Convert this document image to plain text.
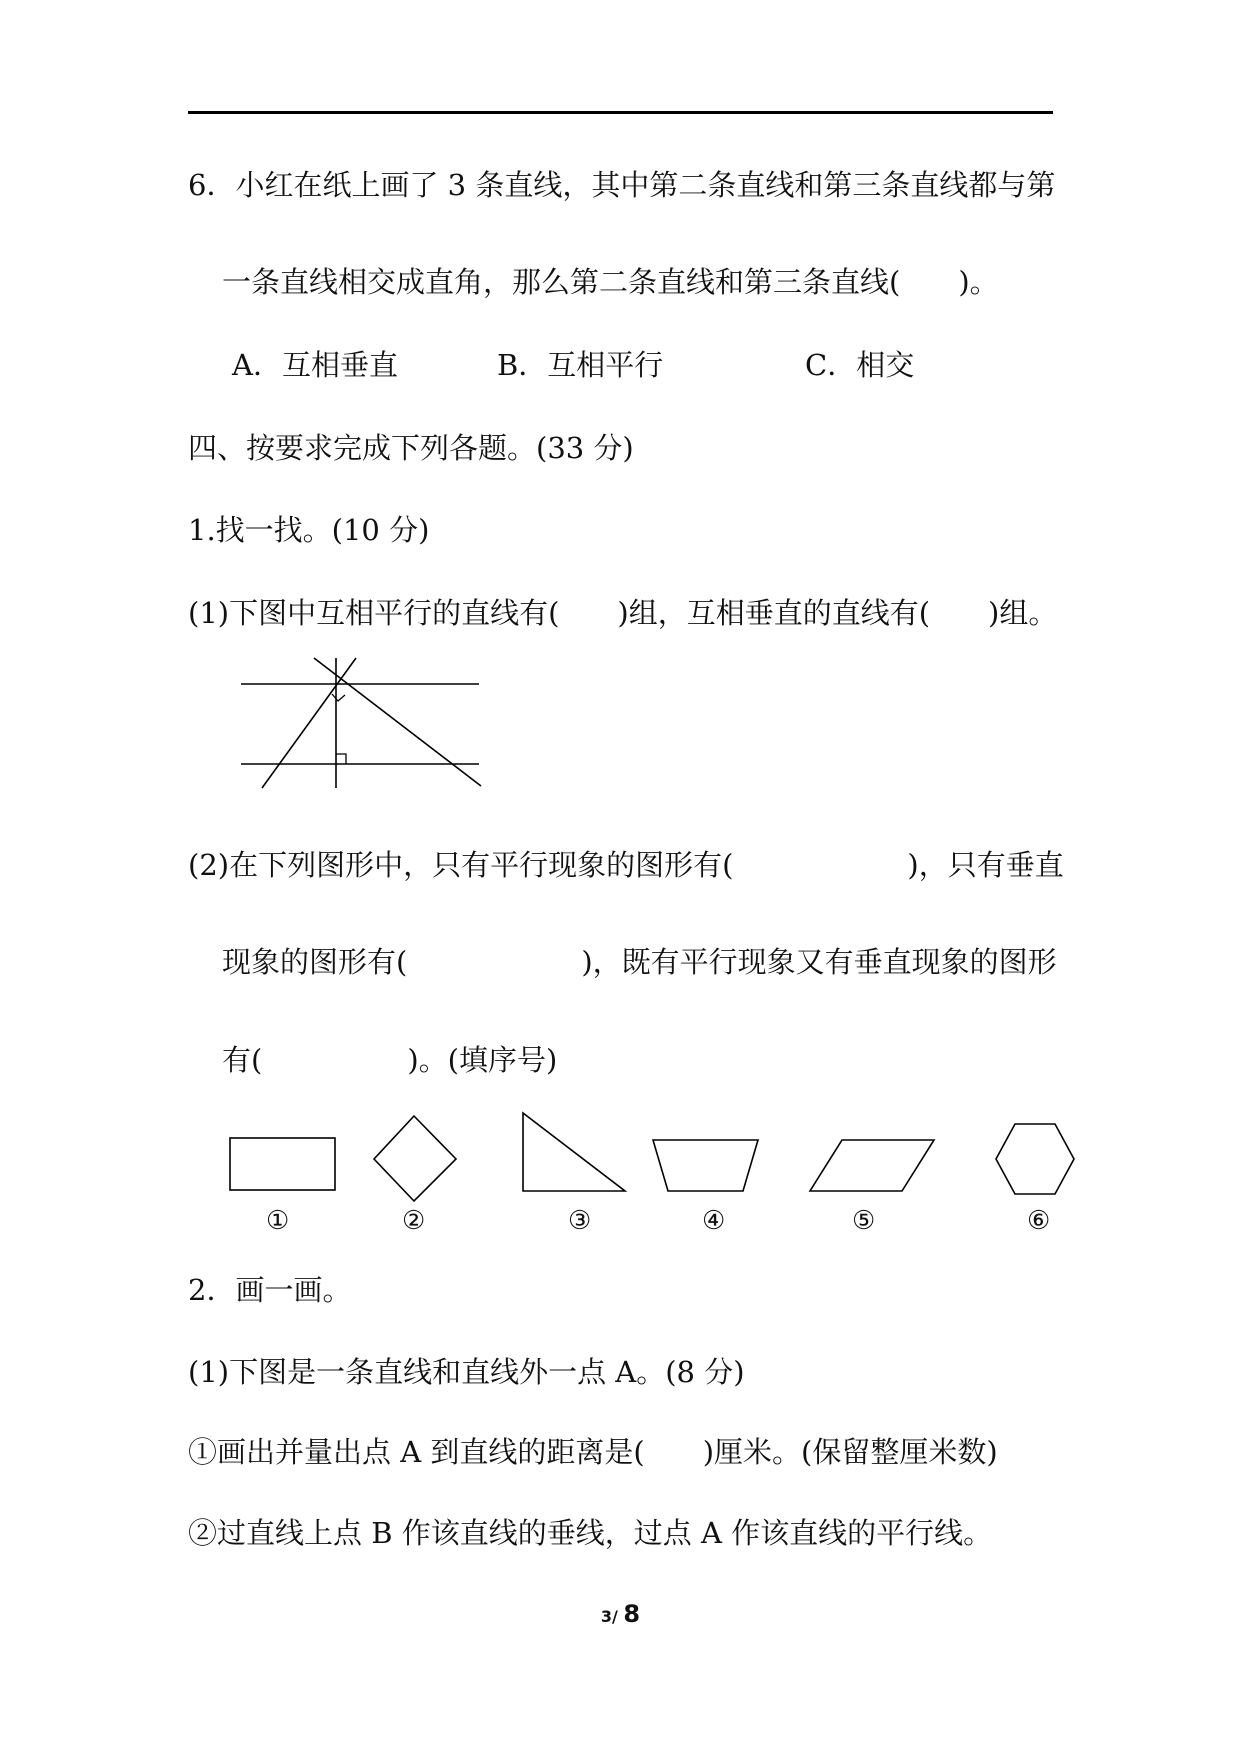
6．小红在纸上画了 3 条直线，其中第二条直线和第三条直线都与第
一条直线相交成直角，那么第二条直线和第三条直线(　　)。
A．互相垂直	B．互相平行	C．相交
四、按要求完成下列各题。(33 分)
1.找一找。(10 分)
(1)下图中互相平行的直线有(　　)组，互相垂直的直线有(　　)组。
(2)在下列图形中，只有平行现象的图形有(　　　　　　)，只有垂直
现象的图形有(　　　　　　)，既有平行现象又有垂直现象的图形
有(　　　　　)。(填序号)
①	②	③	④	⑤	⑥
2．画一画。
(1)下图是一条直线和直线外一点 A。(8 分)
①画出并量出点 A 到直线的距离是(　　)厘米。(保留整厘米数)
②过直线上点 B 作该直线的垂线，过点 A 作该直线的平行线。
3/ 8
